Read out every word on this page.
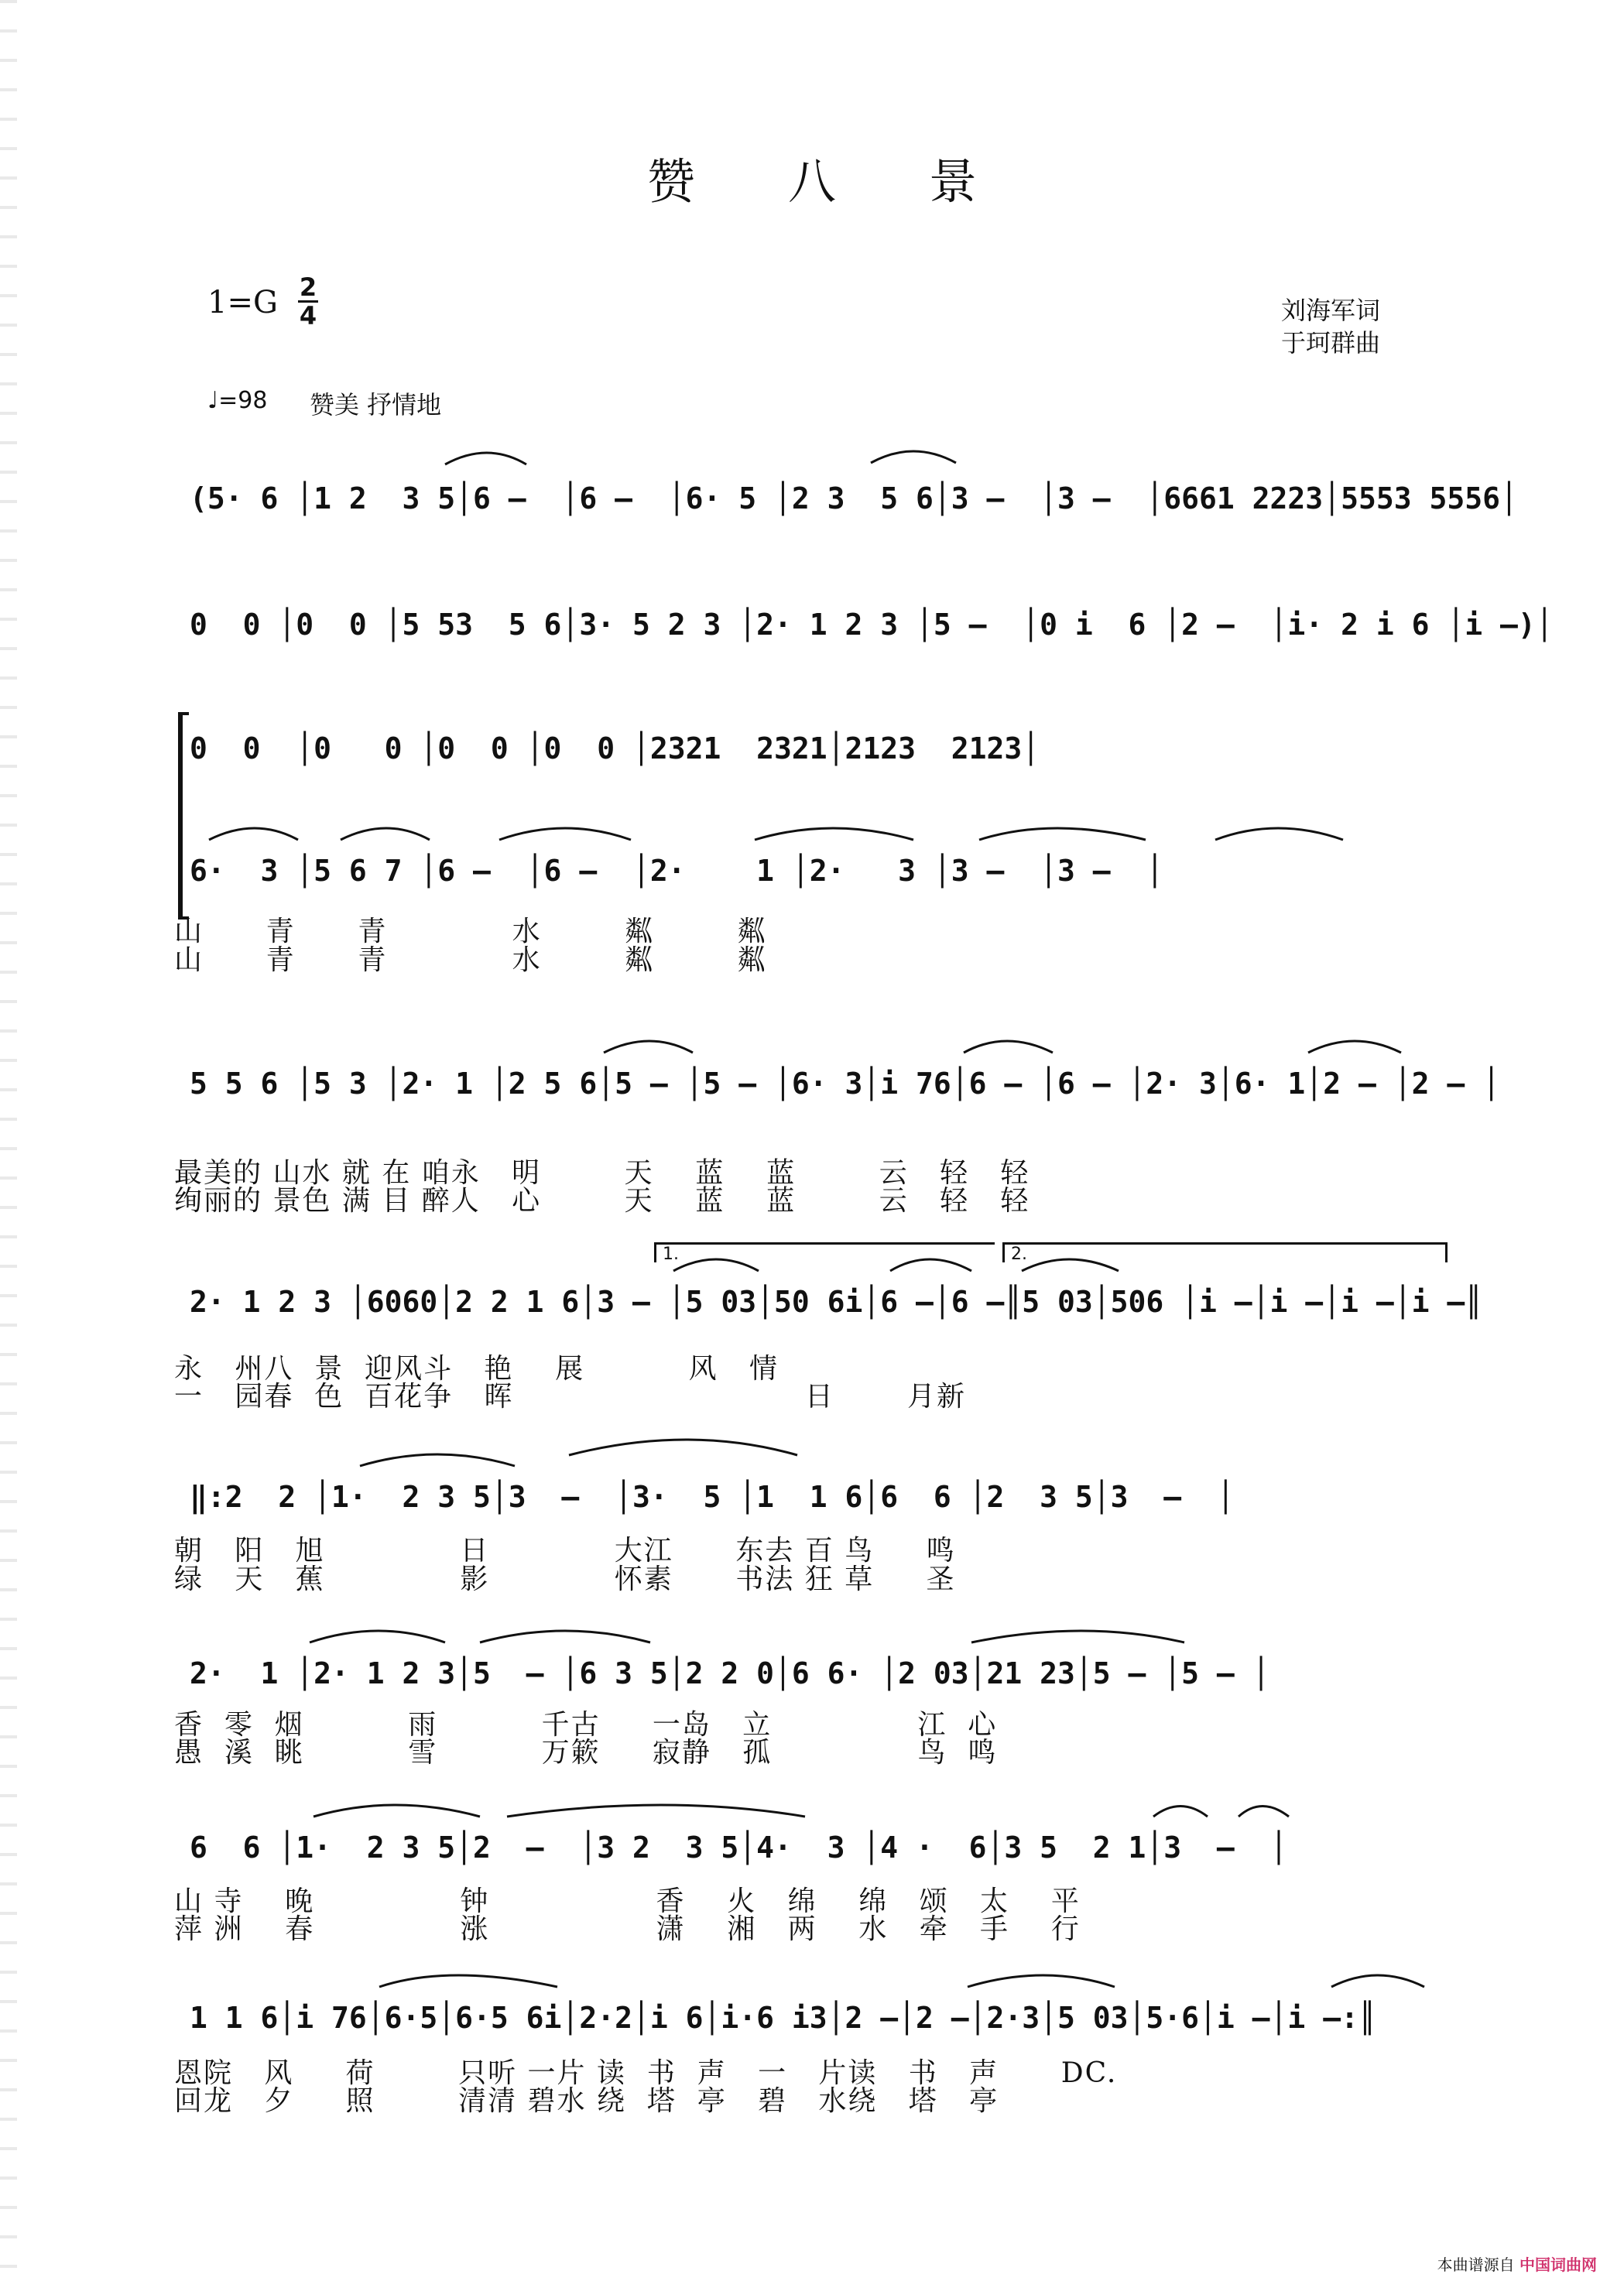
赞八景
1=G 2
4	刘海军词
于珂群曲
♩=98 赞美 抒情地
1.	2.
(5· 6 │1 2  3 5│6 –  │6 –  │6· 5 │2 3  5 6│3 –  │3 –  │6661 2223│5553 5556│
0  0 │0  0 │5 53  5 6│3· 5 2 3 │2· 1 2 3 │5 –  │0 i  6 │2 –  │i· 2 i 6 │i –)│
0  0  │0   0 │0  0 │0  0 │2321  2321│2123  2123│
6·  3 │5 6 7 │6 –  │6 –  │2·    1 │2·   3 │3 –  │3 –  │
5 5 6 │5 3 │2· 1 │2 5 6│5 – │5 – │6· 3│i 76│6 – │6 – │2· 3│6· 1│2 – │2 – │
2· 1 2 3 │6060│2 2 1 6│3 – │5 03│50 6i│6 –│6 –║5 03│506 │i –│i –│i –│i –║
‖:2  2 │1·  2 3 5│3  –  │3·  5 │1  1 6│6  6 │2  3 5│3  –  │
2·  1 │2· 1 2 3│5  – │6 3 5│2 2 0│6 6· │2 03│21 23│5 – │5 – │
6  6 │1·  2 3 5│2  –  │3 2  3 5│4·  3 │4 ·  6│3 5  2 1│3  –  │
1 1 6│i 76│6·5│6·5 6i│2·2│i 6│i·6 i3│2 –│2 –│2·3│5 03│5·6│i –│i –:║
山      青      青            水        粼        粼
山      青      青            水        粼        粼
最美的 山水 就 在 咱永   明        天    蓝    蓝        云   轻   轻
绚丽的 景色 满 目 醉人   心        天    蓝    蓝        云   轻   轻
永   州八  景  迎风斗   艳    展          风   情
一   园春  色  百花争   晖                            日       月新
朝   阳   旭             日            大江      东去 百 鸟     鸣
绿   天   蕉             影            怀素      书法 狂 草     圣
香  零  烟          雨          千古     一岛   立              江  心
愚  溪  眺          雪          万簌     寂静   孤              鸟  鸣
山 寺    晚              钟                香    火   绵    绵   颂   太    平
萍 洲    春              涨                潇    湘   两    水   牵   手    行
恩院   风     荷        只听 一片 读  书  声   一   片读   书   声      DC.
回龙   夕     照        清清 碧水 绕  塔  亭   碧   水绕   塔   亭
本曲谱源自 中国词曲网
